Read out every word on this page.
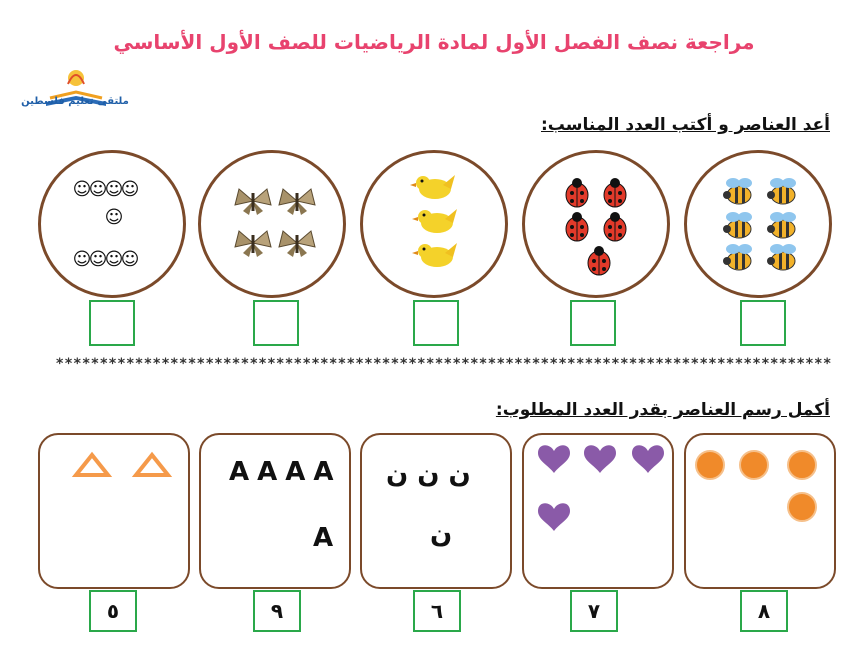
مراجعة نصف الفصل الأول لمادة الرياضيات للصف الأول الأساسي
ملتقى تعليم فلسطين
أعد العناصر و أكتب العدد المناسب:
☺
☺
☺
☺
☺
☺
☺
☺
☺
****************************************************************************************
أكمل رسم العناصر بقدر العدد المطلوب:
AAAA
A
ن ن ن
ن
٥	٩	٦	٧	٨
